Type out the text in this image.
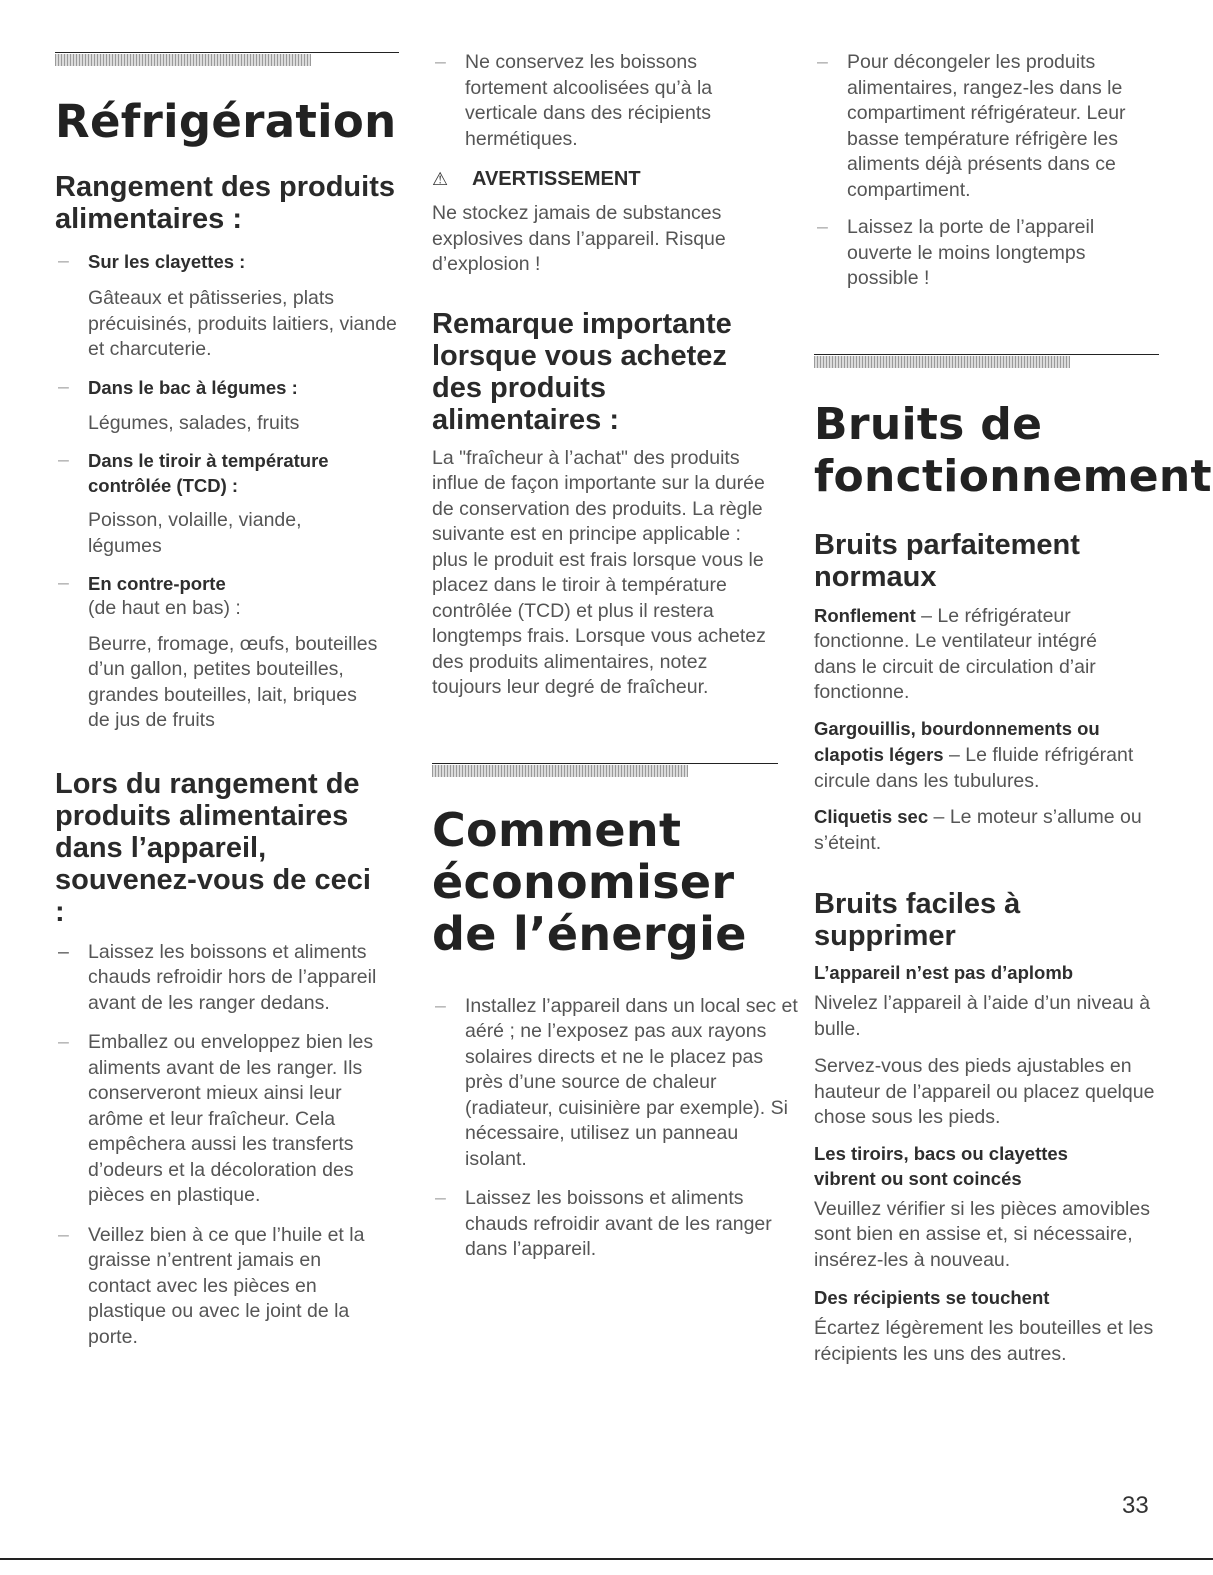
Réfrigération
Rangement des produits alimentaires :
– Sur les clayettes :

Gâteaux et pâtisseries, plats précuisinés, produits laitiers, viande et charcuterie.

– Dans le bac à légumes :

Légumes, salades, fruits

– Dans le tiroir à température contrôlée (TCD) :

Poisson, volaille, viande, légumes

– En contre-porte

(de haut en bas) :

Beurre, fromage, œufs, bouteilles d’un gallon, petites bouteilles, grandes bouteilles, lait, briques de jus de fruits

Lors du rangement de produits alimentaires dans l’appareil, souvenez-vous de ceci :
– Laissez les boissons et aliments chauds refroidir hors de l’appareil avant de les ranger dedans.

– Emballez ou enveloppez bien les aliments avant de les ranger. Ils conserveront mieux ainsi leur arôme et leur fraîcheur. Cela empêchera aussi les transferts d’odeurs et la décoloration des pièces en plastique.

– Veillez bien à ce que l’huile et la graisse n’entrent jamais en contact avec les pièces en plastique ou avec le joint de la porte.

– Ne conservez les boissons fortement alcoolisées qu’à la verticale dans des récipients hermétiques.

⚠	AVERTISSEMENT

Ne stockez jamais de substances explosives dans l’appareil. Risque d’explosion !

Remarque importante lorsque vous achetez des produits alimentaires :

La "fraîcheur à l’achat" des produits influe de façon importante sur la durée de conservation des produits. La règle suivante est en principe applicable : plus le produit est frais lorsque vous le placez dans le tiroir à température contrôlée (TCD) et plus il restera longtemps frais. Lorsque vous achetez des produits alimentaires, notez toujours leur degré de fraîcheur.

Comment économiser de l’énergie
– Installez l’appareil dans un local sec et aéré ; ne l’exposez pas aux rayons solaires directs et ne le placez pas près d’une source de chaleur (radiateur, cuisinière par exemple). Si nécessaire, utilisez un panneau isolant.

– Laissez les boissons et aliments chauds refroidir avant de les ranger dans l’appareil.

– Pour décongeler les produits alimentaires, rangez-les dans le compartiment réfrigérateur. Leur basse température réfrigère les aliments déjà présents dans ce compartiment.

– Laissez la porte de l’appareil ouverte le moins longtemps possible !

Bruits de fonctionnement
Bruits parfaitement normaux

Ronflement – Le réfrigérateur fonctionne. Le ventilateur intégré dans le circuit de circulation d’air fonctionne.

Gargouillis, bourdonnements ou clapotis légers – Le fluide réfrigérant circule dans les tubulures.

Cliquetis sec – Le moteur s’allume ou s’éteint.

Bruits faciles à supprimer

L’appareil n’est pas d’aplomb

Nivelez l’appareil à l’aide d’un niveau à bulle.

Servez-vous des pieds ajustables en hauteur de l’appareil ou placez quelque chose sous les pieds.

Les tiroirs, bacs ou clayettes vibrent ou sont coincés

Veuillez vérifier si les pièces amovibles sont bien en assise et, si nécessaire, insérez-les à nouveau.

Des récipients se touchent

Écartez légèrement les bouteilles et les récipients les uns des autres.

33
